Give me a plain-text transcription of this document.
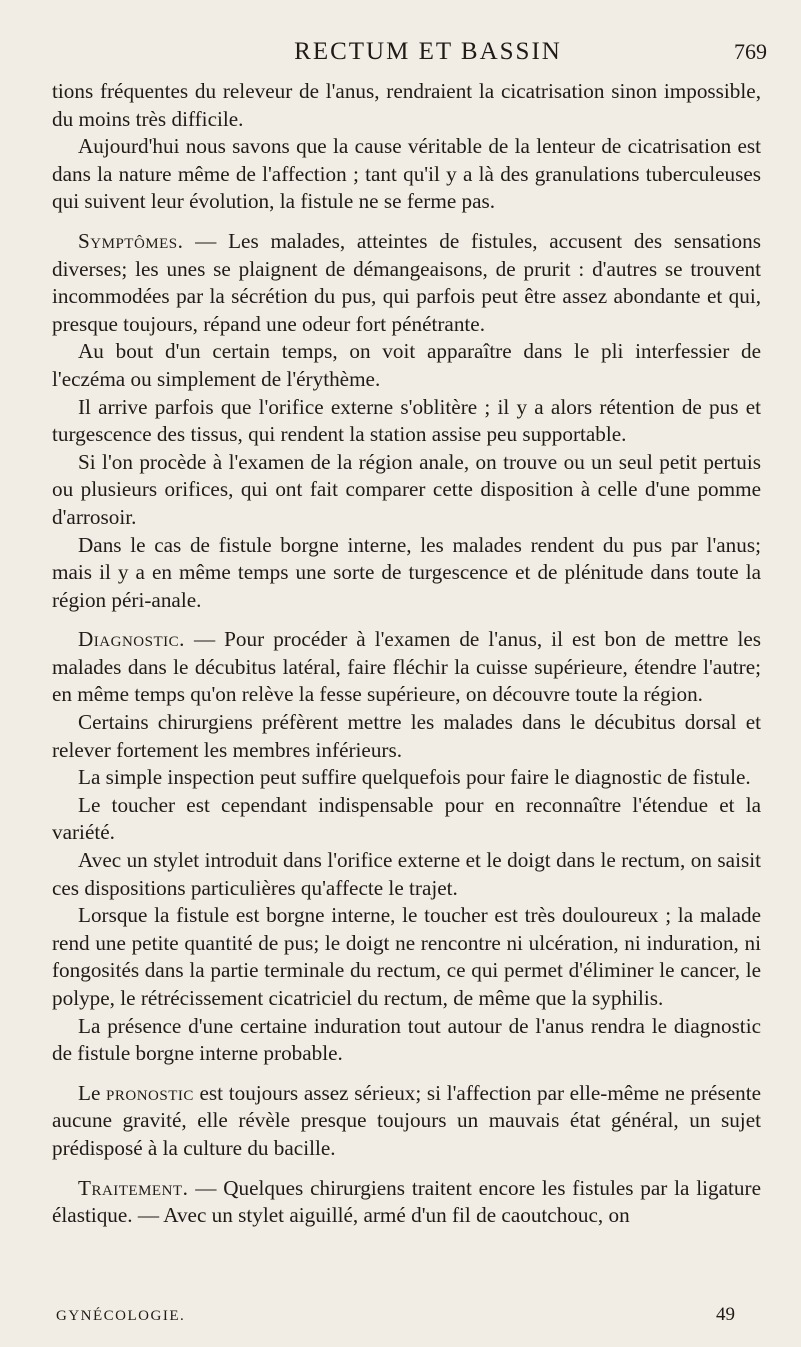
RECTUM ET BASSIN	769

tions fréquentes du releveur de l'anus, rendraient la cicatrisation sinon impossible, du moins très difficile.

Aujourd'hui nous savons que la cause véritable de la lenteur de cicatrisation est dans la nature même de l'affection ; tant qu'il y a là des granulations tuberculeuses qui suivent leur évolution, la fistule ne se ferme pas.

Symptômes. — Les malades, atteintes de fistules, accusent des sensations diverses; les unes se plaignent de démangeaisons, de prurit : d'autres se trouvent incommodées par la sécrétion du pus, qui parfois peut être assez abondante et qui, presque toujours, répand une odeur fort pénétrante.

Au bout d'un certain temps, on voit apparaître dans le pli interfessier de l'eczéma ou simplement de l'érythème.

Il arrive parfois que l'orifice externe s'oblitère ; il y a alors rétention de pus et turgescence des tissus, qui rendent la station assise peu supportable.

Si l'on procède à l'examen de la région anale, on trouve ou un seul petit pertuis ou plusieurs orifices, qui ont fait comparer cette disposition à celle d'une pomme d'arrosoir.

Dans le cas de fistule borgne interne, les malades rendent du pus par l'anus; mais il y a en même temps une sorte de turgescence et de plénitude dans toute la région péri-anale.

Diagnostic. — Pour procéder à l'examen de l'anus, il est bon de mettre les malades dans le décubitus latéral, faire fléchir la cuisse supérieure, étendre l'autre; en même temps qu'on relève la fesse supérieure, on découvre toute la région.

Certains chirurgiens préfèrent mettre les malades dans le décubitus dorsal et relever fortement les membres inférieurs.

La simple inspection peut suffire quelquefois pour faire le diagnostic de fistule.

Le toucher est cependant indispensable pour en reconnaître l'étendue et la variété.

Avec un stylet introduit dans l'orifice externe et le doigt dans le rectum, on saisit ces dispositions particulières qu'affecte le trajet.

Lorsque la fistule est borgne interne, le toucher est très douloureux ; la malade rend une petite quantité de pus; le doigt ne rencontre ni ulcération, ni induration, ni fongosités dans la partie terminale du rectum, ce qui permet d'éliminer le cancer, le polype, le rétrécissement cicatriciel du rectum, de même que la syphilis.

La présence d'une certaine induration tout autour de l'anus rendra le diagnostic de fistule borgne interne probable.

Le pronostic est toujours assez sérieux; si l'affection par elle-même ne présente aucune gravité, elle révèle presque toujours un mauvais état général, un sujet prédisposé à la culture du bacille.

Traitement. — Quelques chirurgiens traitent encore les fistules par la ligature élastique. — Avec un stylet aiguillé, armé d'un fil de caoutchouc, on

GYNÉCOLOGIE.	49
